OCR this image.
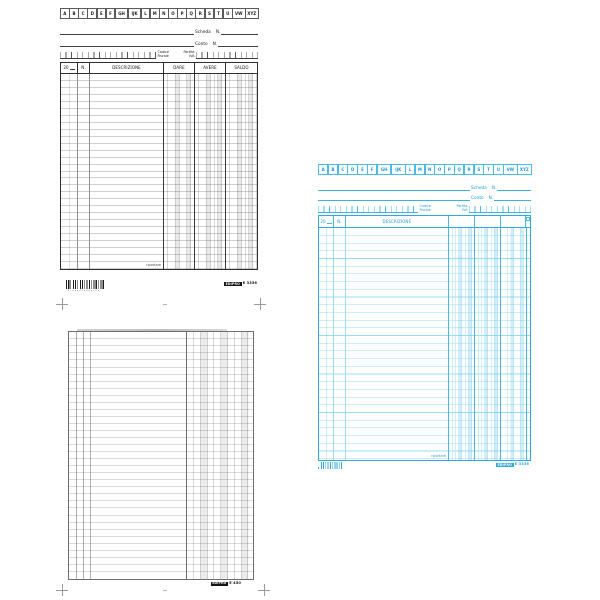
A	B	C	D	E	F	GH	IJK	L	M	N	O	P	Q	R	S	T	U	VW	XYZ
Scheda N.
Conto N.
Codice
Fiscale
Partita
IVA
20	N.	DESCRIZIONE	DARE	AVERE	SALDO
riportare
EDIPRO E 3336
EDIPRO E 450
A	B	C	D	E	F	GH	IJK	L	M	N	O	P	Q	R	S	T	U	VW	XYZ
Scheda N.
Conto N.
Codice
Fiscale
Partita
IVA
20	N.	DESCRIZIONE
riportare
EDIPRO E 3336
